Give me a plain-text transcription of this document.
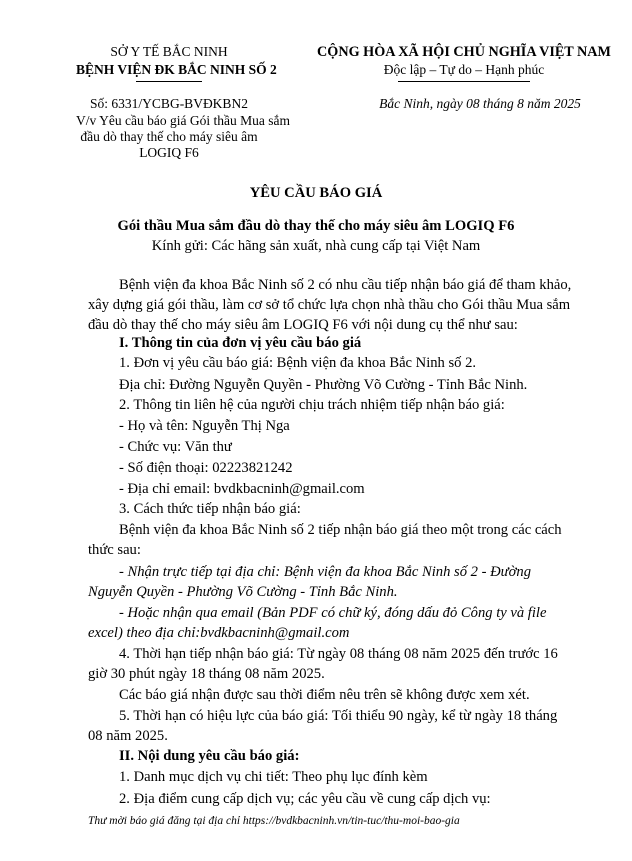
SỞ Y TẾ BẮC NINH
BỆNH VIỆN ĐK BẮC NINH SỐ 2
Số: 6331/YCBG-BVĐKBN2
V/v Yêu cầu báo giá Gói thầu Mua sắm
đầu dò thay thế cho máy siêu âm
LOGIQ F6
CỘNG HÒA XÃ HỘI CHỦ NGHĨA VIỆT NAM
Độc lập – Tự do – Hạnh phúc
Bắc Ninh, ngày 08 tháng 8 năm 2025
YÊU CẦU BÁO GIÁ
Gói thầu Mua sắm đầu dò thay thế cho máy siêu âm LOGIQ F6
Kính gửi: Các hãng sản xuất, nhà cung cấp tại Việt Nam
Bệnh viện đa khoa Bắc Ninh số 2 có nhu cầu tiếp nhận báo giá để tham khảo,
xây dựng giá gói thầu, làm cơ sở tổ chức lựa chọn nhà thầu cho Gói thầu Mua sắm
đầu dò thay thế cho máy siêu âm LOGIQ F6 với nội dung cụ thể như sau:
I. Thông tin của đơn vị yêu cầu báo giá
1. Đơn vị yêu cầu báo giá: Bệnh viện đa khoa Bắc Ninh số 2.
Địa chỉ: Đường Nguyễn Quyền - Phường Võ Cường - Tỉnh Bắc Ninh.
2. Thông tin liên hệ của người chịu trách nhiệm tiếp nhận báo giá:
- Họ và tên: Nguyễn Thị Nga
- Chức vụ: Văn thư
- Số điện thoại: 02223821242
- Địa chỉ email: bvdkbacninh@gmail.com
3. Cách thức tiếp nhận báo giá:
Bệnh viện đa khoa Bắc Ninh số 2 tiếp nhận báo giá theo một trong các cách
thức sau:
- Nhận trực tiếp tại địa chỉ: Bệnh viện đa khoa Bắc Ninh số 2 - Đường
Nguyễn Quyền - Phường Võ Cường - Tỉnh Bắc Ninh.
- Hoặc nhận qua email (Bản PDF có chữ ký, đóng dấu đỏ Công ty và file
excel) theo địa chỉ:bvdkbacninh@gmail.com
4. Thời hạn tiếp nhận báo giá: Từ ngày 08 tháng 08 năm 2025 đến trước 16
giờ 30 phút ngày 18 tháng 08 năm 2025.
Các báo giá nhận được sau thời điểm nêu trên sẽ không được xem xét.
5. Thời hạn có hiệu lực của báo giá: Tối thiểu 90 ngày, kể từ ngày 18 tháng
08 năm 2025.
II. Nội dung yêu cầu báo giá:
1. Danh mục dịch vụ chi tiết: Theo phụ lục đính kèm
2. Địa điểm cung cấp dịch vụ; các yêu cầu về cung cấp dịch vụ:
Thư mời báo giá đăng tại địa chỉ https://bvdkbacninh.vn/tin-tuc/thu-moi-bao-gia
